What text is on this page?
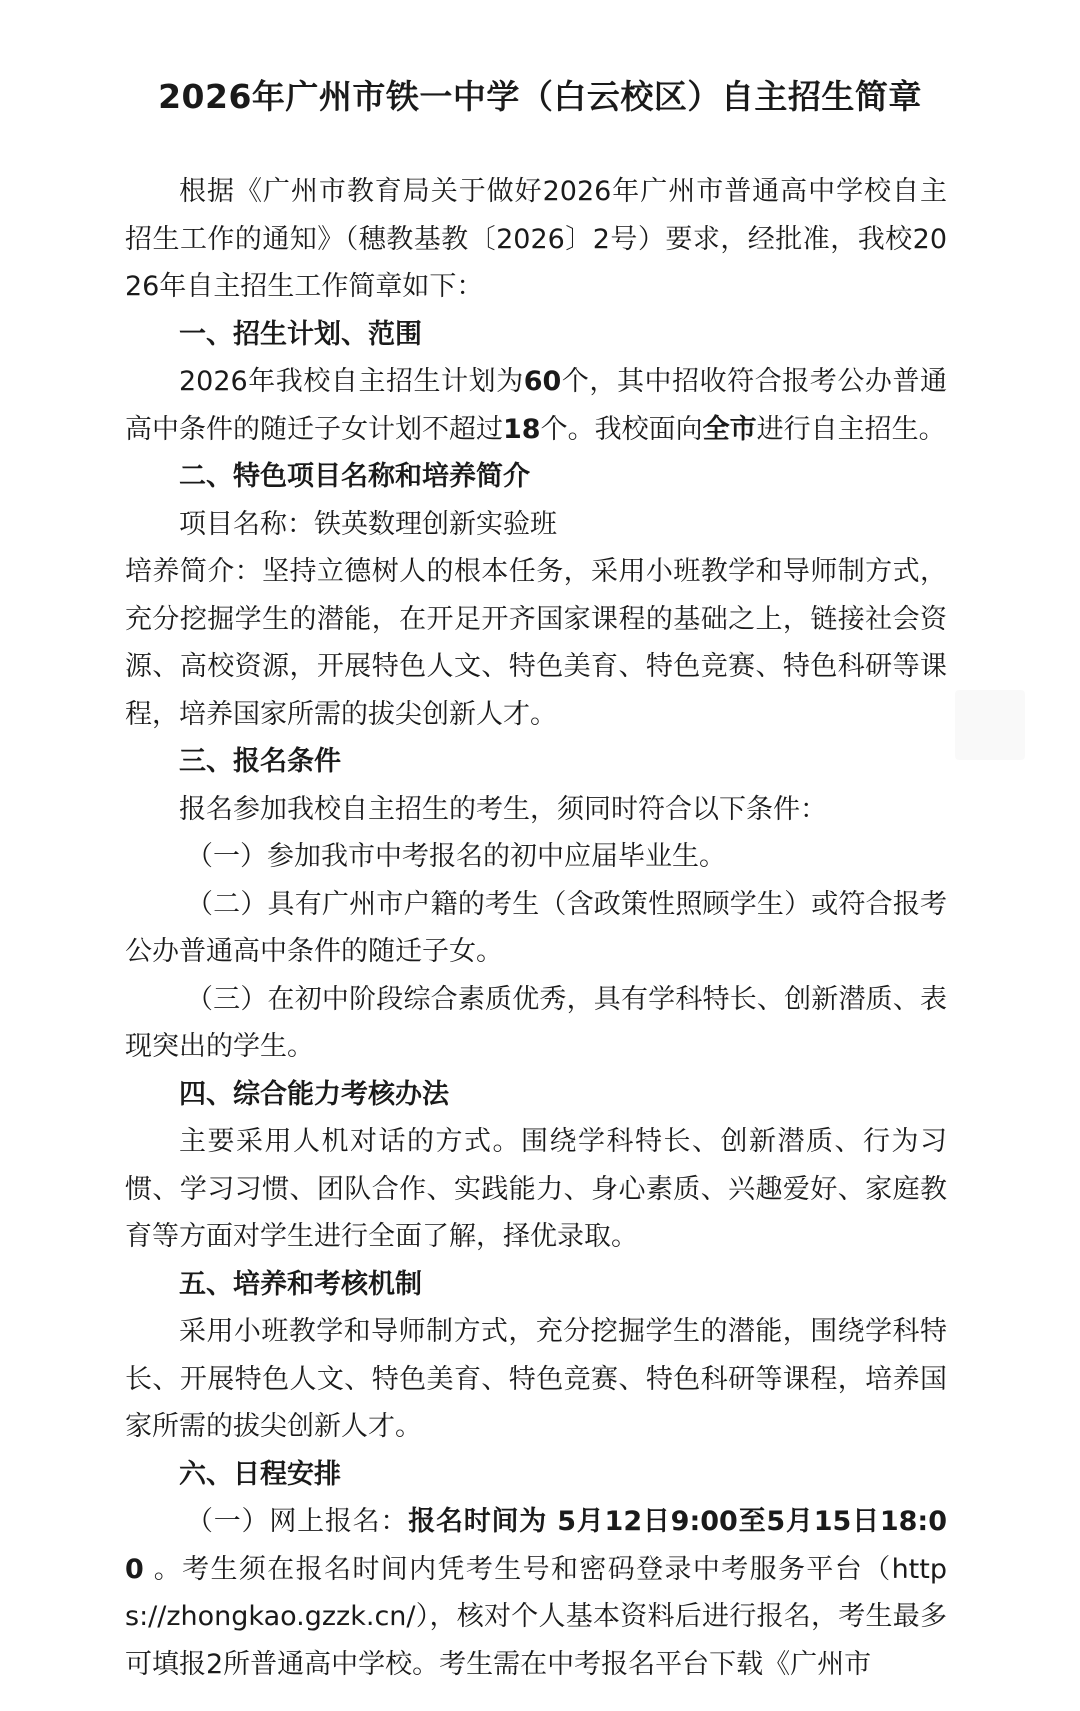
2026年广州市铁一中学（白云校区）自主招生简章

根据《广州市教育局关于做好2026年广州市普通高中学校自主招生工作的通知》（穗教基教〔2026〕2号）要求，经批准，我校2026年自主招生工作简章如下：

一、招生计划、范围

2026年我校自主招生计划为60个，其中招收符合报考公办普通高中条件的随迁子女计划不超过18个。我校面向全市进行自主招生。

二、特色项目名称和培养简介

项目名称：铁英数理创新实验班

培养简介：坚持立德树人的根本任务，采用小班教学和导师制方式，充分挖掘学生的潜能，在开足开齐国家课程的基础之上，链接社会资源、高校资源，开展特色人文、特色美育、特色竞赛、特色科研等课程，培养国家所需的拔尖创新人才。

三、报名条件

报名参加我校自主招生的考生，须同时符合以下条件：

（一）参加我市中考报名的初中应届毕业生。

（二）具有广州市户籍的考生（含政策性照顾学生）或符合报考公办普通高中条件的随迁子女。

（三）在初中阶段综合素质优秀，具有学科特长、创新潜质、表现突出的学生。

四、综合能力考核办法

主要采用人机对话的方式。围绕学科特长、创新潜质、行为习惯、学习习惯、团队合作、实践能力、身心素质、兴趣爱好、家庭教育等方面对学生进行全面了解，择优录取。

五、培养和考核机制

采用小班教学和导师制方式，充分挖掘学生的潜能，围绕学科特长、开展特色人文、特色美育、特色竞赛、特色科研等课程，培养国家所需的拔尖创新人才。

六、日程安排

（一）网上报名：报名时间为 5月12日9:00至5月15日18:00 。考生须在报名时间内凭考生号和密码登录中考服务平台（https://zhongkao.gzzk.cn/），核对个人基本资料后进行报名，考生最多可填报2所普通高中学校。考生需在中考报名平台下载《广州市
